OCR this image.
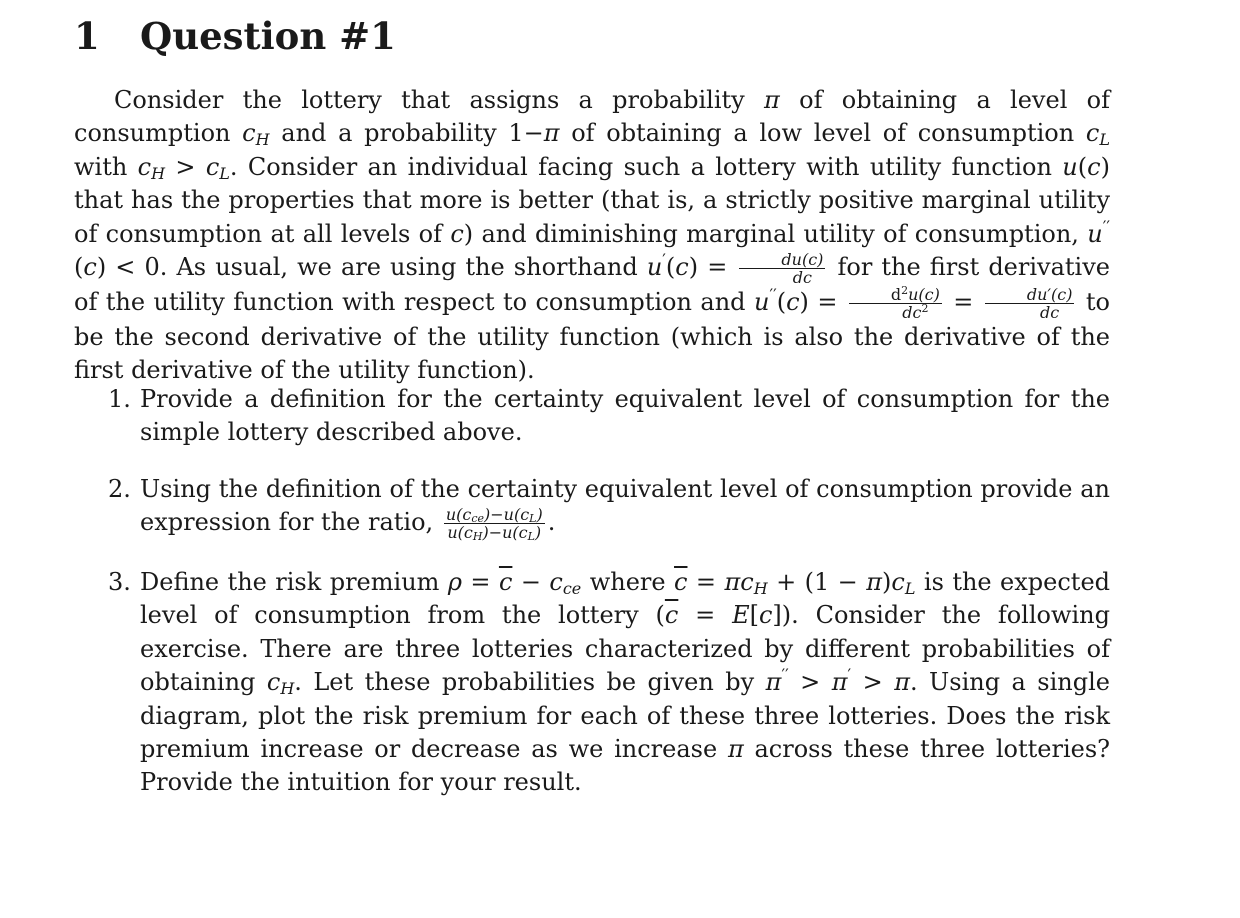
1 Question #1
Consider the lottery that assigns a probability π of obtaining a level of consumption $c_H$ and a probability 1−π of obtaining a low level of consumption $c_L$ with $c_H > c_L$. Consider an individual facing such a lottery with utility function u(c) that has the properties that more is better (that is, a strictly positive marginal utility of consumption at all levels of c) and diminishing marginal utility of consumption, u′′(c) < 0. As usual, we are using the shorthand $u'(c) = \frac{du(c)}{dc}$ for the first derivative of the utility function with respect to consumption and $u''(c) = \frac{d^2u(c)}{dc^2} = \frac{du'(c)}{dc}$ to be the second derivative of the utility function (which is also the derivative of the first derivative of the utility function).
1. Provide a definition for the certainty equivalent level of consumption for the simple lottery described above.
2. Using the definition of the certainty equivalent level of consumption provide an expression for the ratio, $\frac{u(c_{ce})-u(c_L)}{u(c_H)-u(c_L)}$ .
3. Define the risk premium $\rho = \overline{c} - c_{ce}$ where $\overline{c} = \pi c_H + (1 - \pi)c_L$ is the expected level of consumption from the lottery $(\overline{c} = E[c])$. Consider the following exercise. There are three lotteries characterized by different probabilities of obtaining $c_H$. Let these probabilities be given by π′′ > π′ > π. Using a single diagram, plot the risk premium for each of these three lotteries. Does the risk premium increase or decrease as we increase π across these three lotteries? Provide the intuition for your result.
